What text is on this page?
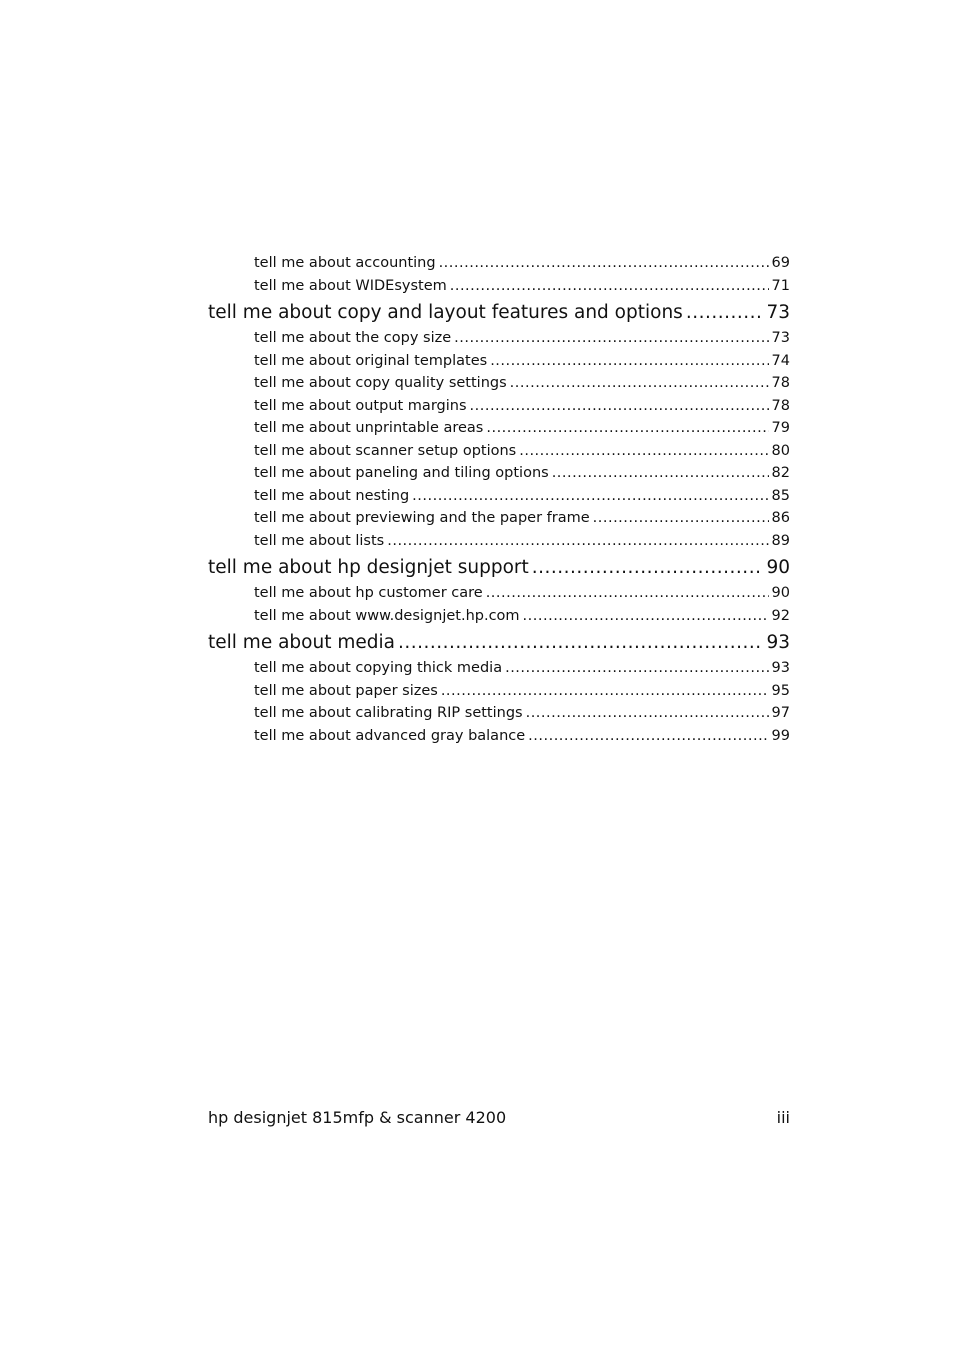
tell me about accounting .....	69
tell me about WIDEsystem .....	71
tell me about copy and layout features and options .....	73
tell me about the copy size .....	73
tell me about original templates .....	74
tell me about copy quality settings .....	78
tell me about output margins .....	78
tell me about unprintable areas .....	79
tell me about scanner setup options .....	80
tell me about paneling and tiling options .....	82
tell me about nesting .....	85
tell me about previewing and the paper frame .....	86
tell me about lists .....	89
tell me about hp designjet support .....	90
tell me about hp customer care .....	90
tell me about www.designjet.hp.com .....	92
tell me about media .....	93
tell me about copying thick media .....	93
tell me about paper sizes .....	95
tell me about calibrating RIP settings .....	97
tell me about advanced gray balance .....	99
hp designjet 815mfp & scanner 4200	iii
